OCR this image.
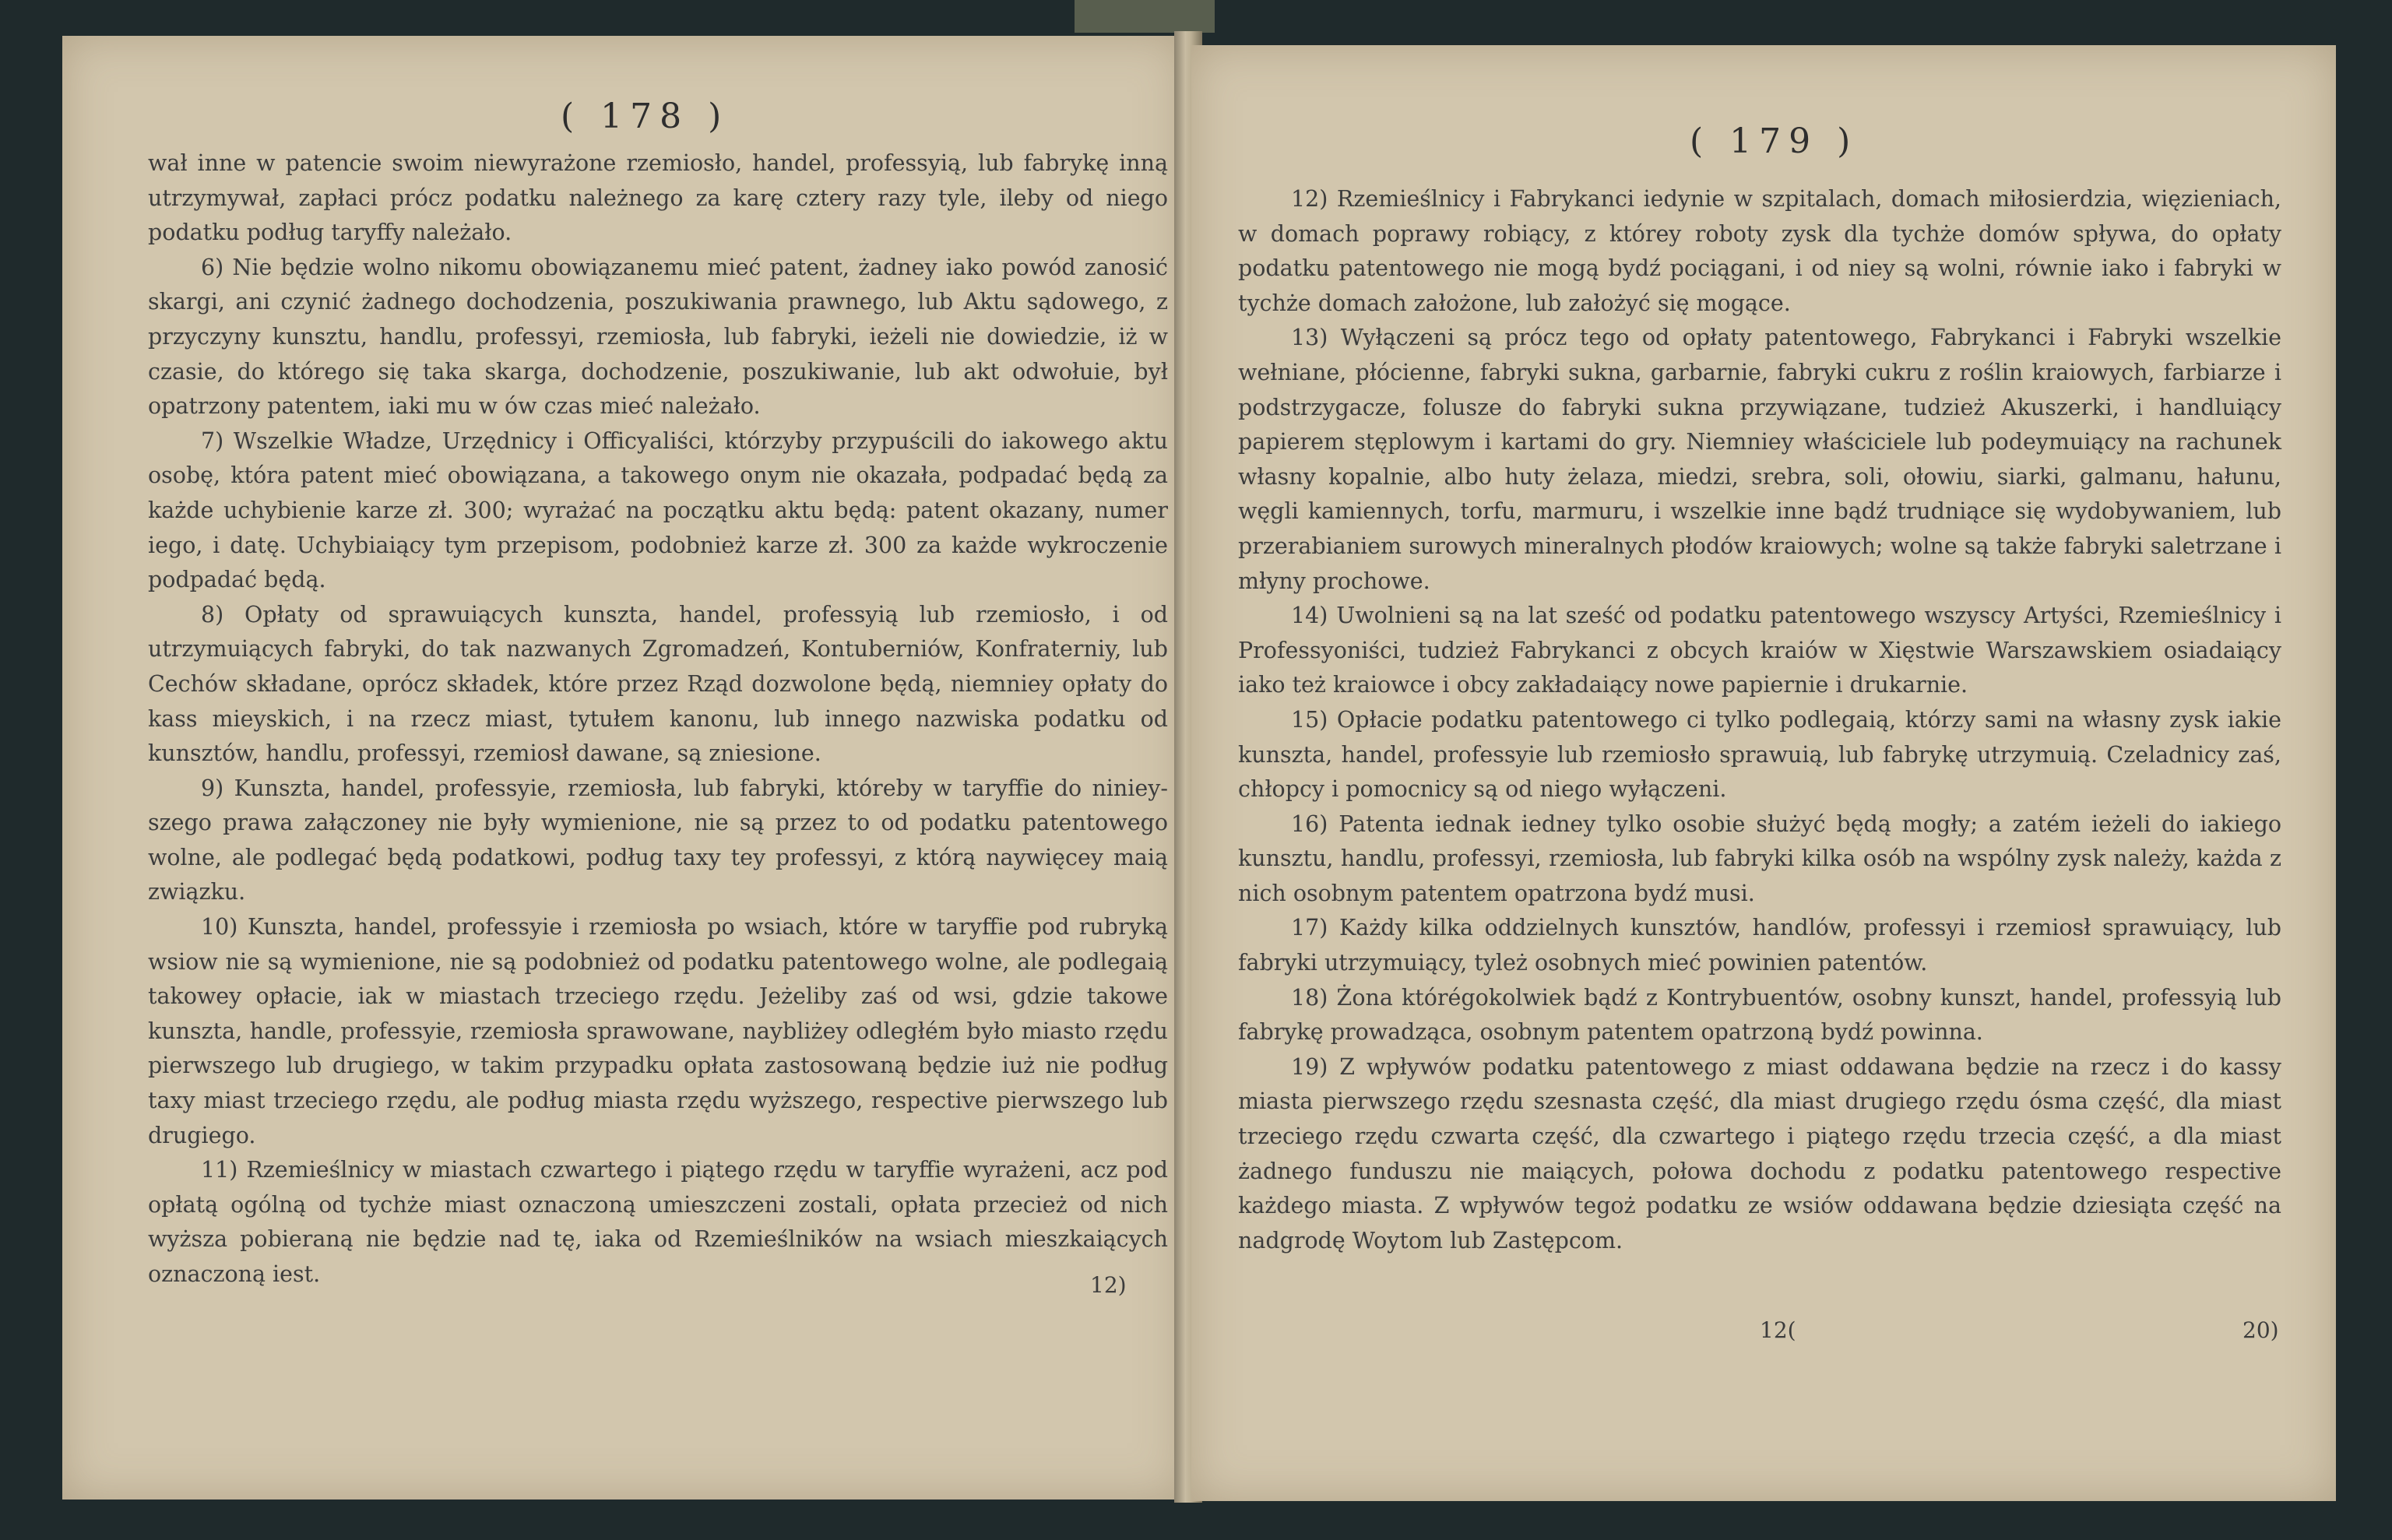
( 178 )

wał inne w patencie swoim niewyrażone rzemiosło, handel, professyią, lub fabrykę inną utrzymywał, zapłaci prócz podatku należnego za karę cztery razy tyle, ileby od niego podatku podług taryffy należało.

6) Nie będzie wolno nikomu obowiązanemu mieć patent, żadney iako powód zanosić skargi, ani czynić żadnego dochodzenia, poszukiwania prawnego, lub Aktu sądowego, z przyczyny kunsztu, handlu, professyi, rzemiosła, lub fabryki, ieżeli nie dowiedzie, iż w czasie, do którego się taka skarga, dochodzenie, poszukiwanie, lub akt odwołuie, był opatrzony patentem, iaki mu w ów czas mieć należało.

7) Wszelkie Władze, Urzędnicy i Officyaliści, którzyby przypuścili do iakowego aktu osobę, która patent mieć obowiązana, a takowego onym nie okazała, podpadać będą za każde uchybienie karze zł. 300; wyrażać na początku aktu będą: patent okazany, numer iego, i datę. Uchybiaiący tym przepisom, podobnież karze zł. 300 za każde wykroczenie podpadać będą.

8) Opłaty od sprawuiących kunszta, handel, professyią lub rzemiosło, i od utrzymuiących fabryki, do tak nazwanych Zgromadzeń, Kontuberniów, Konfraterniy, lub Cechów składane, oprócz składek, które przez Rząd dozwolone będą, niemniey opłaty do kass mieyskich, i na rzecz miast, tytułem kanonu, lub innego nazwiska podatku od kunsztów, handlu, professyi, rzemiosł dawane, są zniesione.

9) Kunszta, handel, professyie, rzemiosła, lub fabryki, któreby w taryffie do niniey-szego prawa załączoney nie były wymienione, nie są przez to od podatku patentowego wolne, ale podlegać będą podatkowi, podług taxy tey professyi, z którą naywięcey maią związku.

10) Kunszta, handel, professyie i rzemiosła po wsiach, które w taryffie pod rubryką wsiow nie są wymienione, nie są podobnież od podatku patentowego wolne, ale podlegaią takowey opłacie, iak w miastach trzeciego rzędu. Jeżeliby zaś od wsi, gdzie takowe kunszta, handle, professyie, rzemiosła sprawowane, naybliżey odległém było miasto rzędu pierwszego lub drugiego, w takim przypadku opłata zastosowaną będzie iuż nie podług taxy miast trzeciego rzędu, ale podług miasta rzędu wyższego, respective pierwszego lub drugiego.

11) Rzemieślnicy w miastach czwartego i piątego rzędu w taryffie wyrażeni, acz pod opłatą ogólną od tychże miast oznaczoną umieszczeni zostali, opłata przecież od nich wyższa pobieraną nie będzie nad tę, iaka od Rzemieślników na wsiach mieszkaiących oznaczoną iest.	12)
( 179 )

12) Rzemieślnicy i Fabrykanci iedynie w szpitalach, domach miłosierdzia, więzieniach, w domach poprawy robiący, z którey roboty zysk dla tychże domów spływa, do opłaty podatku patentowego nie mogą bydź pociągani, i od niey są wolni, równie iako i fabryki w tychże domach założone, lub założyć się mogące.

13) Wyłączeni są prócz tego od opłaty patentowego, Fabrykanci i Fabryki wszelkie wełniane, płócienne, fabryki sukna, garbarnie, fabryki cukru z roślin kraiowych, farbiarze i podstrzygacze, folusze do fabryki sukna przywiązane, tudzież Akuszerki, i handluiący papierem stęplowym i kartami do gry. Niemniey właściciele lub podeymuiący na rachunek własny kopalnie, albo huty żelaza, miedzi, srebra, soli, ołowiu, siarki, galmanu, hałunu, węgli kamiennych, torfu, marmuru, i wszelkie inne bądź trudniące się wydobywaniem, lub przerabianiem surowych mineralnych płodów kraiowych; wolne są także fabryki saletrzane i młyny prochowe.

14) Uwolnieni są na lat sześć od podatku patentowego wszyscy Artyści, Rzemieślnicy i Professyoniści, tudzież Fabrykanci z obcych kraiów w Xięstwie Warszawskiem osiadaiący iako też kraiowce i obcy zakładaiący nowe papiernie i drukarnie.

15) Opłacie podatku patentowego ci tylko podlegaią, którzy sami na własny zysk iakie kunszta, handel, professyie lub rzemiosło sprawuią, lub fabrykę utrzymuią. Czeladnicy zaś, chłopcy i pomocnicy są od niego wyłączeni.

16) Patenta iednak iedney tylko osobie służyć będą mogły; a zatém ieżeli do iakiego kunsztu, handlu, professyi, rzemiosła, lub fabryki kilka osób na wspólny zysk należy, każda z nich osobnym patentem opatrzona bydź musi.

17) Każdy kilka oddzielnych kunsztów, handlów, professyi i rzemiosł sprawuiący, lub fabryki utrzymuiący, tyleż osobnych mieć powinien patentów.

18) Żona którégokolwiek bądź z Kontrybuentów, osobny kunszt, handel, professyią lub fabrykę prowadząca, osobnym patentem opatrzoną bydź powinna.

19) Z wpływów podatku patentowego z miast oddawana będzie na rzecz i do kassy miasta pierwszego rzędu szesnasta część, dla miast drugiego rzędu ósma część, dla miast trzeciego rzędu czwarta część, dla czwartego i piątego rzędu trzecia część, a dla miast żadnego funduszu nie maiących, połowa dochodu z podatku patentowego respective każdego miasta. Z wpływów tegoż podatku ze wsiów oddawana będzie dziesiąta część na nadgrodę Woytom lub Zastępcom.

12(	20)
